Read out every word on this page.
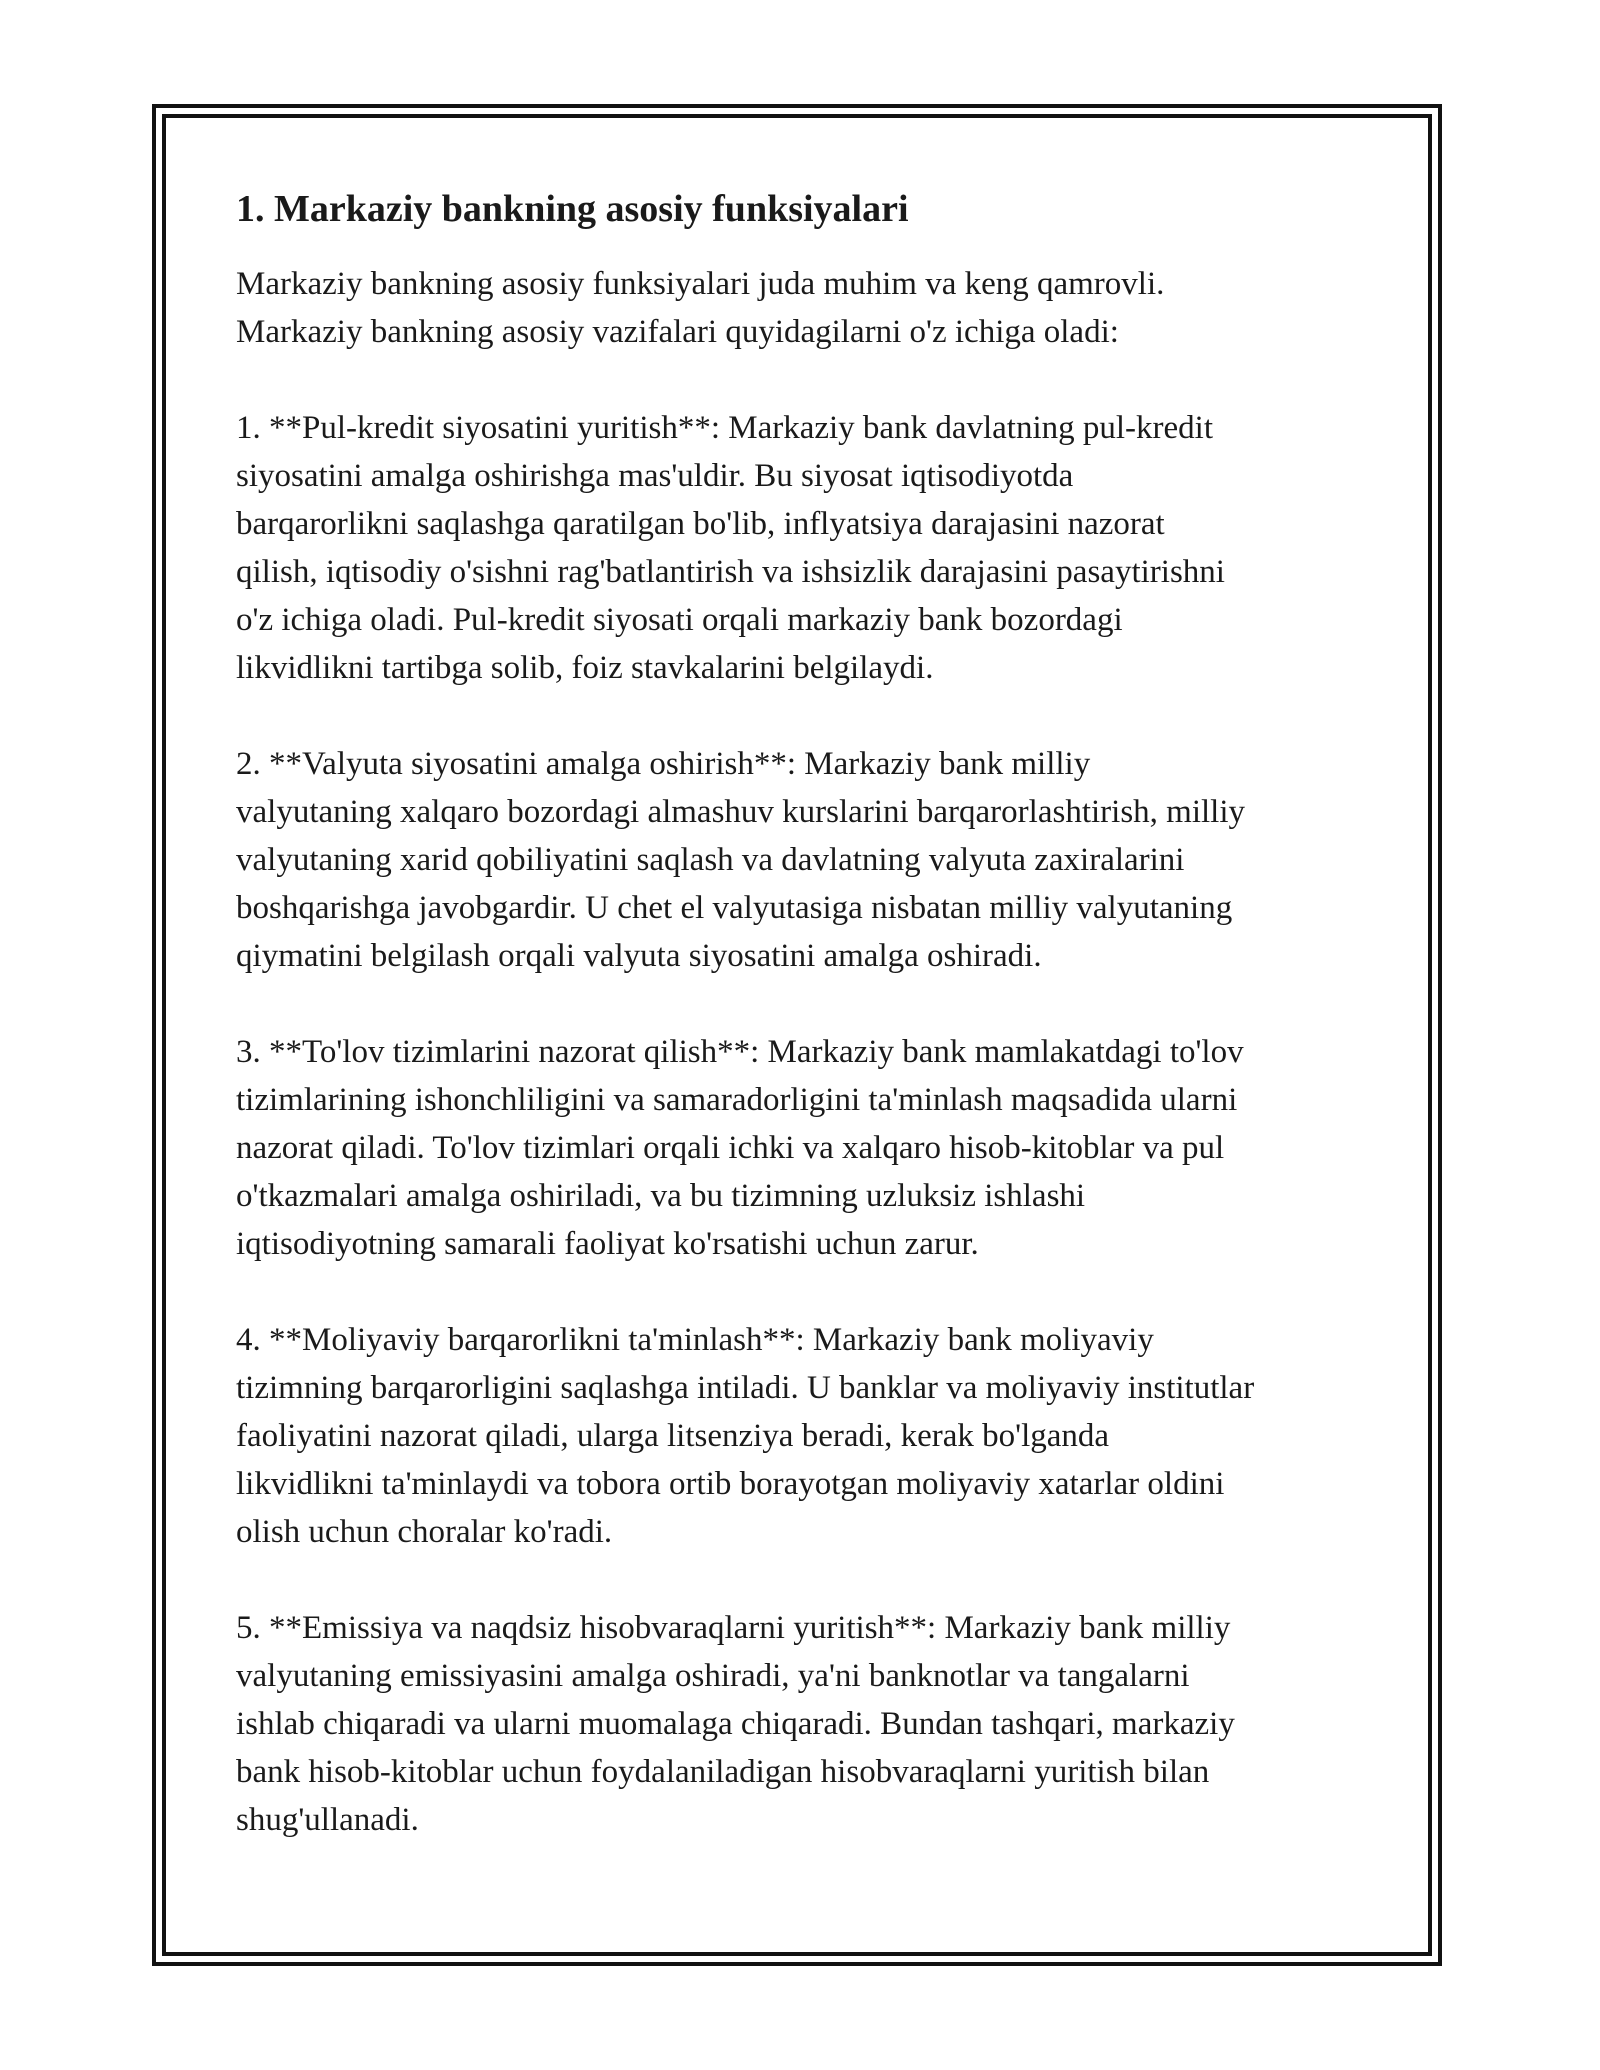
1. Markaziy bankning asosiy funksiyalari

Markaziy bankning asosiy funksiyalari juda muhim va keng qamrovli.
Markaziy bankning asosiy vazifalari quyidagilarni o'z ichiga oladi:

1. **Pul-kredit siyosatini yuritish**: Markaziy bank davlatning pul-kredit
siyosatini amalga oshirishga mas'uldir. Bu siyosat iqtisodiyotda
barqarorlikni saqlashga qaratilgan bo'lib, inflyatsiya darajasini nazorat
qilish, iqtisodiy o'sishni rag'batlantirish va ishsizlik darajasini pasaytirishni
o'z ichiga oladi. Pul-kredit siyosati orqali markaziy bank bozordagi
likvidlikni tartibga solib, foiz stavkalarini belgilaydi.

2. **Valyuta siyosatini amalga oshirish**: Markaziy bank milliy
valyutaning xalqaro bozordagi almashuv kurslarini barqarorlashtirish, milliy
valyutaning xarid qobiliyatini saqlash va davlatning valyuta zaxiralarini
boshqarishga javobgardir. U chet el valyutasiga nisbatan milliy valyutaning
qiymatini belgilash orqali valyuta siyosatini amalga oshiradi.

3. **To'lov tizimlarini nazorat qilish**: Markaziy bank mamlakatdagi to'lov
tizimlarining ishonchliligini va samaradorligini ta'minlash maqsadida ularni
nazorat qiladi. To'lov tizimlari orqali ichki va xalqaro hisob-kitoblar va pul
o'tkazmalari amalga oshiriladi, va bu tizimning uzluksiz ishlashi
iqtisodiyotning samarali faoliyat ko'rsatishi uchun zarur.

4. **Moliyaviy barqarorlikni ta'minlash**: Markaziy bank moliyaviy
tizimning barqarorligini saqlashga intiladi. U banklar va moliyaviy institutlar
faoliyatini nazorat qiladi, ularga litsenziya beradi, kerak bo'lganda
likvidlikni ta'minlaydi va tobora ortib borayotgan moliyaviy xatarlar oldini
olish uchun choralar ko'radi.

5. **Emissiya va naqdsiz hisobvaraqlarni yuritish**: Markaziy bank milliy
valyutaning emissiyasini amalga oshiradi, ya'ni banknotlar va tangalarni
ishlab chiqaradi va ularni muomalaga chiqaradi. Bundan tashqari, markaziy
bank hisob-kitoblar uchun foydalaniladigan hisobvaraqlarni yuritish bilan
shug'ullanadi.
